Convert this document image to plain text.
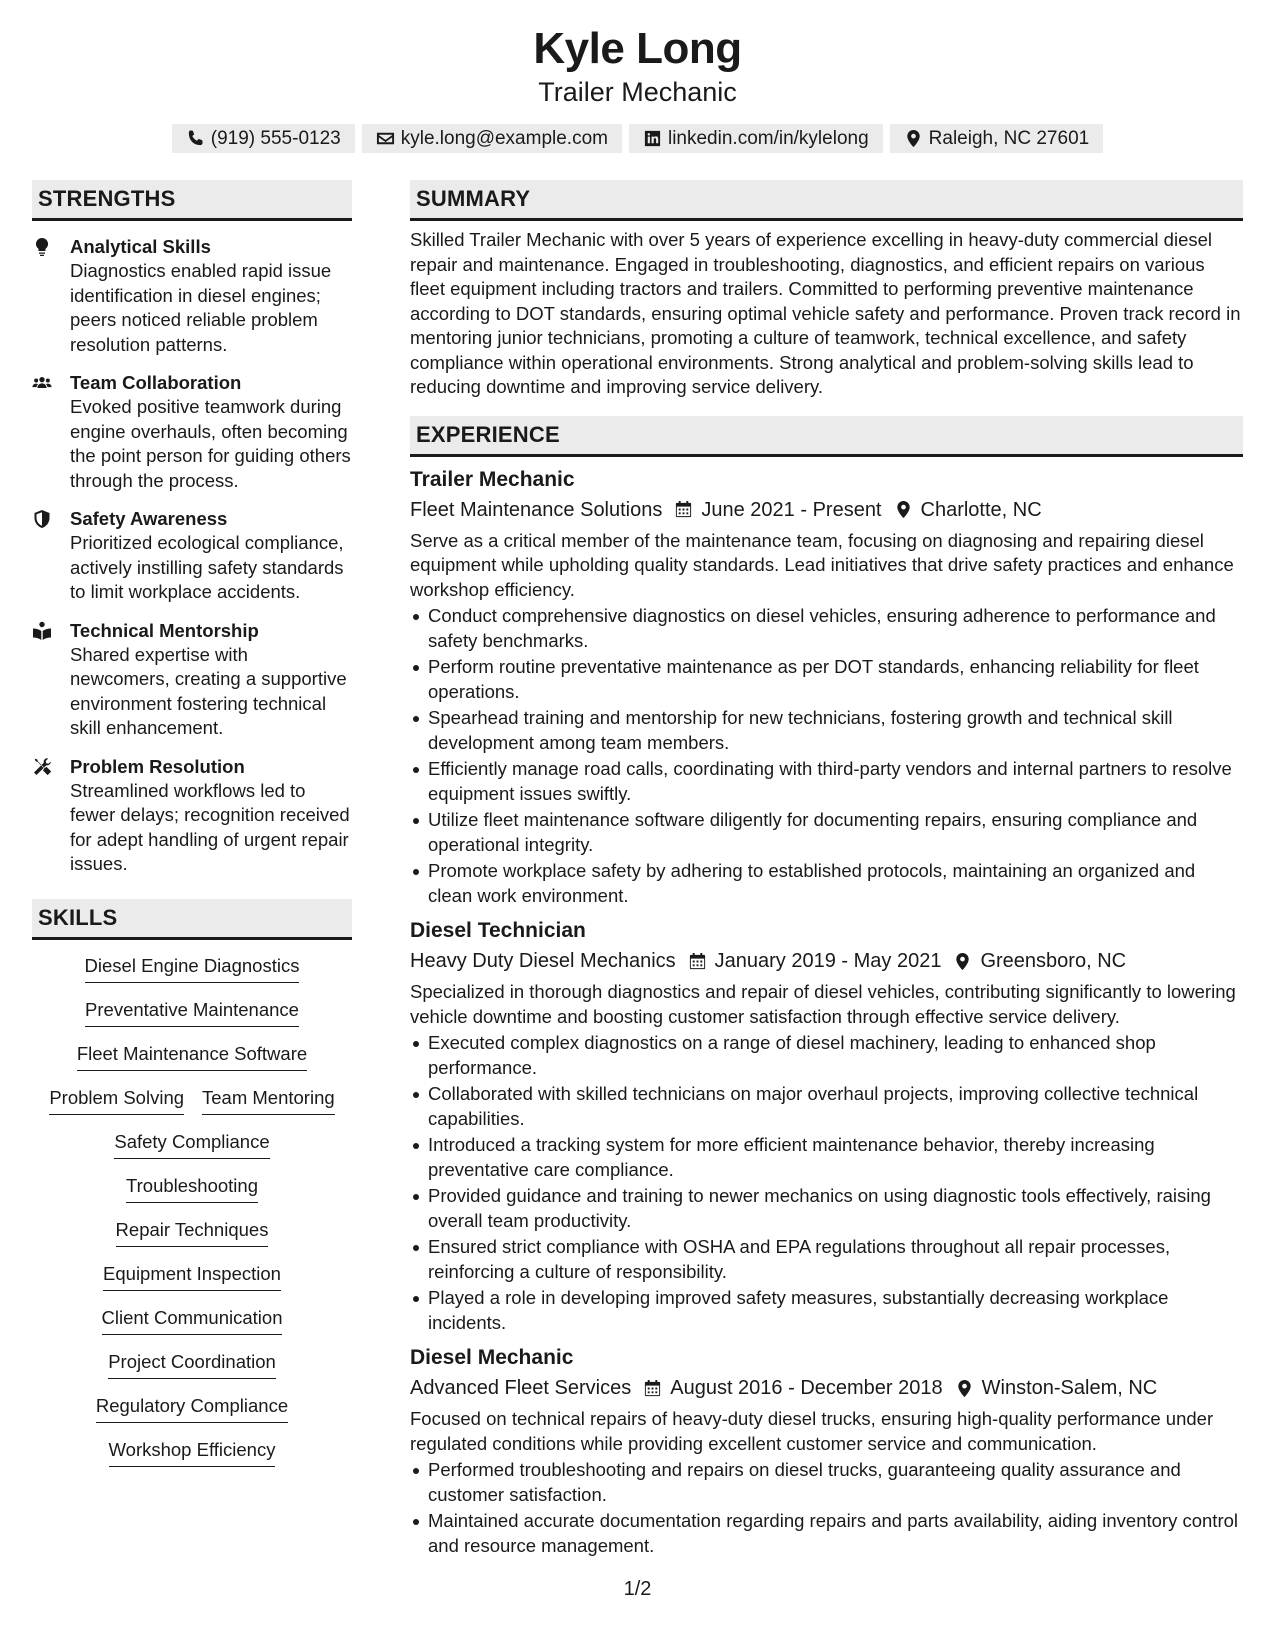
Kyle Long
Trailer Mechanic
(919) 555-0123	kyle.long@example.com	linkedin.com/in/kylelong	Raleigh, NC 27601
STRENGTHS
Analytical Skills
Diagnostics enabled rapid issue identification in diesel engines; peers noticed reliable problem resolution patterns.
Team Collaboration
Evoked positive teamwork during engine overhauls, often becoming the point person for guiding others through the process.
Safety Awareness
Prioritized ecological compliance, actively instilling safety standards to limit workplace accidents.
Technical Mentorship
Shared expertise with newcomers, creating a supportive environment fostering technical skill enhancement.
Problem Resolution
Streamlined workflows led to fewer delays; recognition received for adept handling of urgent repair issues.
SKILLS
Diesel Engine Diagnostics
Preventative Maintenance
Fleet Maintenance Software
Problem Solving Team Mentoring
Safety Compliance
Troubleshooting
Repair Techniques
Equipment Inspection
Client Communication
Project Coordination
Regulatory Compliance
Workshop Efficiency
SUMMARY

Skilled Trailer Mechanic with over 5 years of experience excelling in heavy-duty commercial diesel repair and maintenance. Engaged in troubleshooting, diagnostics, and efficient repairs on various fleet equipment including tractors and trailers. Committed to performing preventive maintenance according to DOT standards, ensuring optimal vehicle safety and performance. Proven track record in mentoring junior technicians, promoting a culture of teamwork, technical excellence, and safety compliance within operational environments. Strong analytical and problem-solving skills lead to reducing downtime and improving service delivery.

EXPERIENCE
Trailer Mechanic
Fleet Maintenance Solutions June 2021 - Present Charlotte, NC

Serve as a critical member of the maintenance team, focusing on diagnosing and repairing diesel equipment while upholding quality standards. Lead initiatives that drive safety practices and enhance workshop efficiency.

Conduct comprehensive diagnostics on diesel vehicles, ensuring adherence to performance and safety benchmarks.
Perform routine preventative maintenance as per DOT standards, enhancing reliability for fleet operations.
Spearhead training and mentorship for new technicians, fostering growth and technical skill development among team members.
Efficiently manage road calls, coordinating with third-party vendors and internal partners to resolve equipment issues swiftly.
Utilize fleet maintenance software diligently for documenting repairs, ensuring compliance and operational integrity.
Promote workplace safety by adhering to established protocols, maintaining an organized and clean work environment.
Diesel Technician
Heavy Duty Diesel Mechanics January 2019 - May 2021 Greensboro, NC

Specialized in thorough diagnostics and repair of diesel vehicles, contributing significantly to lowering vehicle downtime and boosting customer satisfaction through effective service delivery.

Executed complex diagnostics on a range of diesel machinery, leading to enhanced shop performance.
Collaborated with skilled technicians on major overhaul projects, improving collective technical capabilities.
Introduced a tracking system for more efficient maintenance behavior, thereby increasing preventative care compliance.
Provided guidance and training to newer mechanics on using diagnostic tools effectively, raising overall team productivity.
Ensured strict compliance with OSHA and EPA regulations throughout all repair processes, reinforcing a culture of responsibility.
Played a role in developing improved safety measures, substantially decreasing workplace incidents.
Diesel Mechanic
Advanced Fleet Services August 2016 - December 2018 Winston-Salem, NC

Focused on technical repairs of heavy-duty diesel trucks, ensuring high-quality performance under regulated conditions while providing excellent customer service and communication.

Performed troubleshooting and repairs on diesel trucks, guaranteeing quality assurance and customer satisfaction.
Maintained accurate documentation regarding repairs and parts availability, aiding inventory control and resource management.
1/2
